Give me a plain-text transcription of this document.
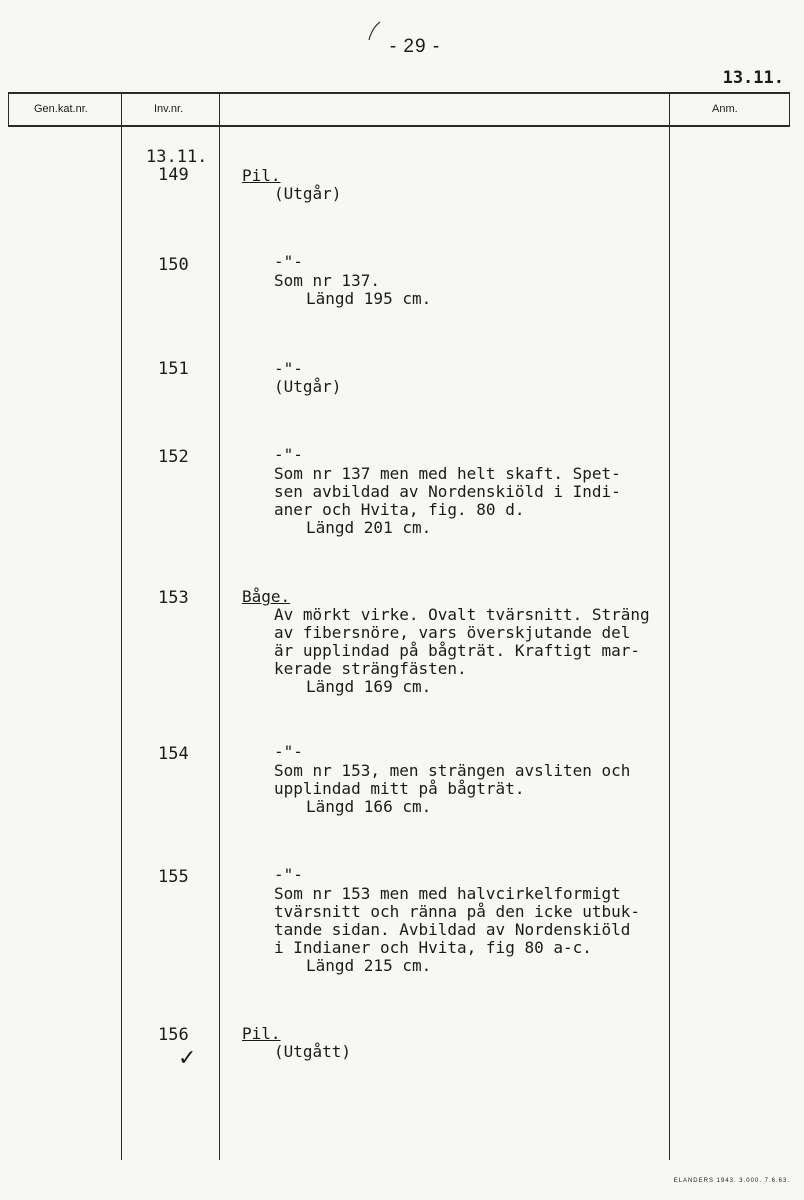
- 29 -
13.11.
Gen.kat.nr.	Inv.nr.	Anm.
13.11.
149
150
151
152
153
154
155
156
✓
Pil.
(Utgår)
-"-
Som nr 137.
Längd 195 cm.
-"-
(Utgår)
-"-
Som nr 137 men med helt skaft. Spet-
sen avbildad av Nordenskiöld i Indi-
aner och Hvita, fig. 80 d.
Längd 201 cm.
Båge.
Av mörkt virke. Ovalt tvärsnitt. Sträng
av fibersnöre, vars överskjutande del
är upplindad på bågträt. Kraftigt mar-
kerade strängfästen.
Längd 169 cm.
-"-
Som nr 153, men strängen avsliten och
upplindad mitt på bågträt.
Längd 166 cm.
-"-
Som nr 153 men med halvcirkelformigt
tvärsnitt och ränna på den icke utbuk-
tande sidan. Avbildad av Nordenskiöld
i Indianer och Hvita, fig 80 a-c.
Längd 215 cm.
Pil.
(Utgått)
ELANDERS 1943. 3.000. 7.6.63.
